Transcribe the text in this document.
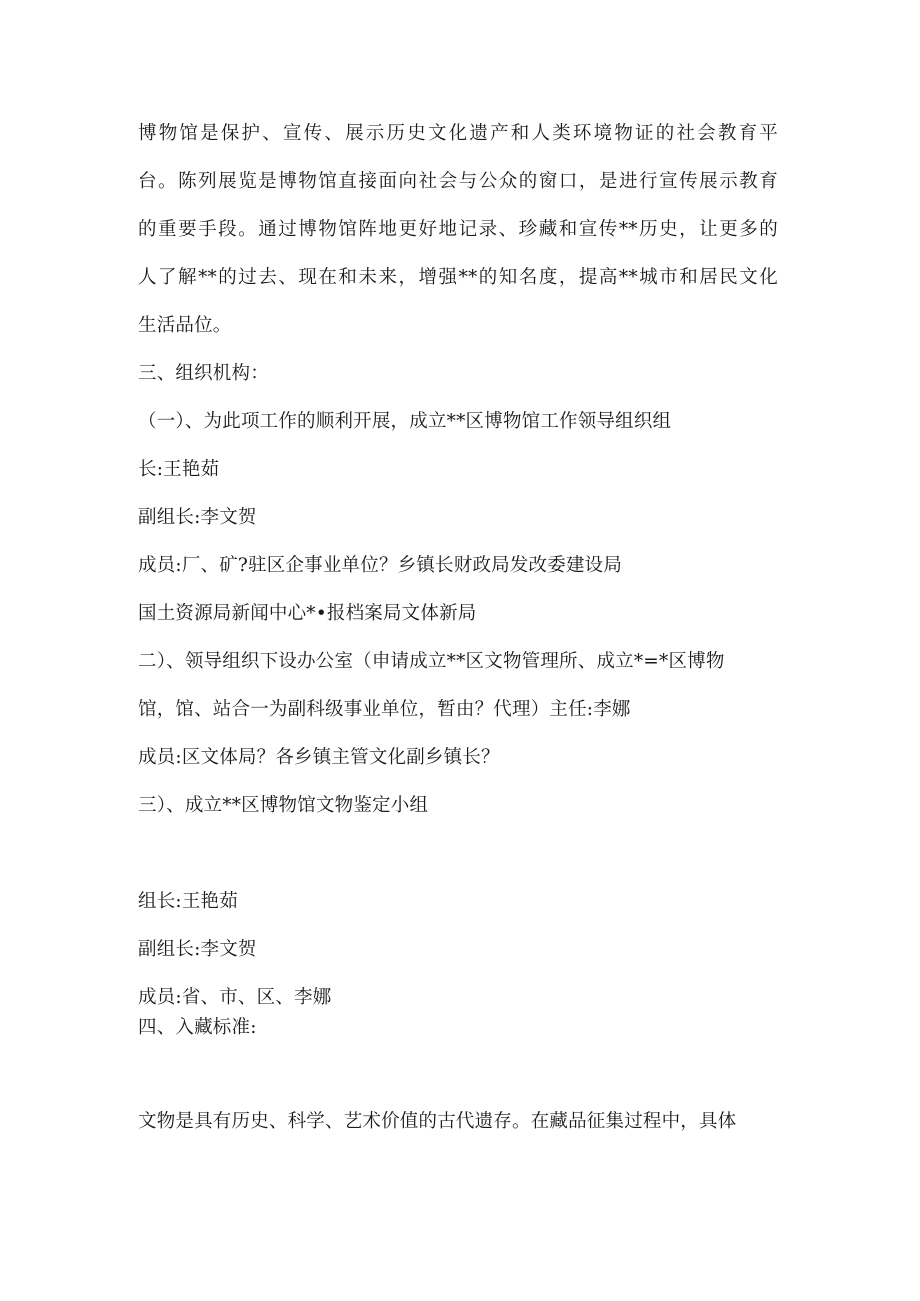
博物馆是保护、宣传、展示历史文化遗产和人类环境物证的社会教育平
台。陈列展览是博物馆直接面向社会与公众的窗口，是进行宣传展示教育
的重要手段。通过博物馆阵地更好地记录、珍藏和宣传**历史，让更多的
人了解**的过去、现在和未来，增强**的知名度，提高**城市和居民文化
生活品位。
三、组织机构：
（一）、为此项工作的顺利开展，成立**区博物馆工作领导组织组
长:王艳茹
副组长:李文贺
成员:厂、矿?驻区企事业单位？乡镇长财政局发改委建设局
国土资源局新闻中心*•报档案局文体新局
二）、领导组织下设办公室（申请成立**区文物管理所、成立*=*区博物
馆，馆、站合一为副科级事业单位，暂由？代理）主任:李娜
成员:区文体局？各乡镇主管文化副乡镇长？
三）、成立**区博物馆文物鉴定小组
组长:王艳茹
副组长:李文贺
成员:省、市、区、李娜
四、入藏标准:
文物是具有历史、科学、艺术价值的古代遗存。在藏品征集过程中，具体
